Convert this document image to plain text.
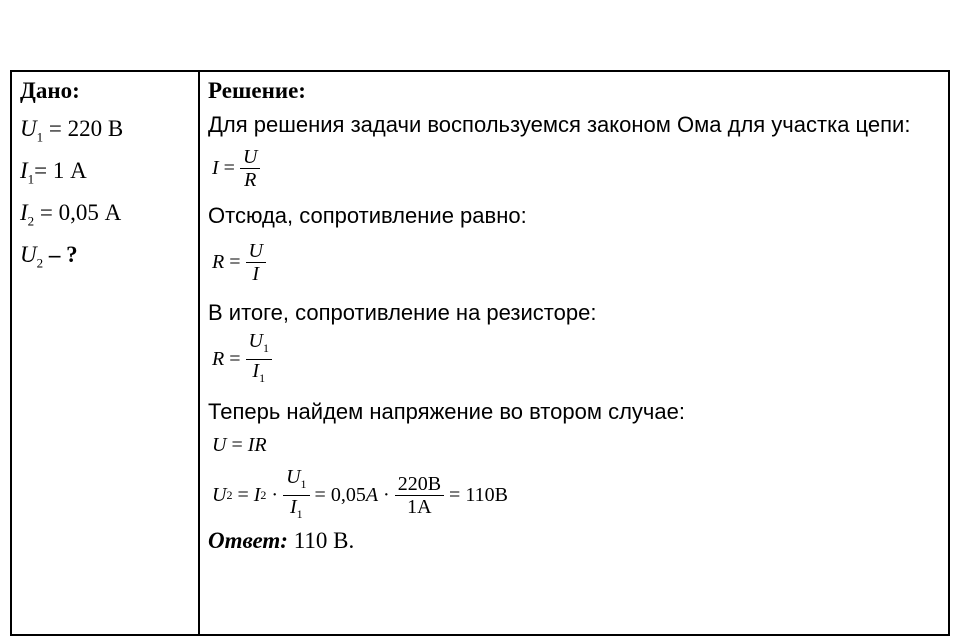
Дано:
$U_1 = 220$ В
$I_1= 1$ А
$I_2 = 0,05$ А
$U_2$ – ?
Решение:
Для решения задачи воспользуемся законом Ома для участка цепи:
$I = \frac{U}{R}$
Отсюда, сопротивление равно:
$R = \frac{U}{I}$
В итоге, сопротивление на резисторе:
$R = \frac{U_1}{I_1}$
Теперь найдем напряжение во втором случае:
U = IR
U 2 = I $2 \cdot \frac{U_1}{I_1} = 0,05$ $A \cdot \frac{220B}{1A} = 110B$
Ответ: 110 В.
